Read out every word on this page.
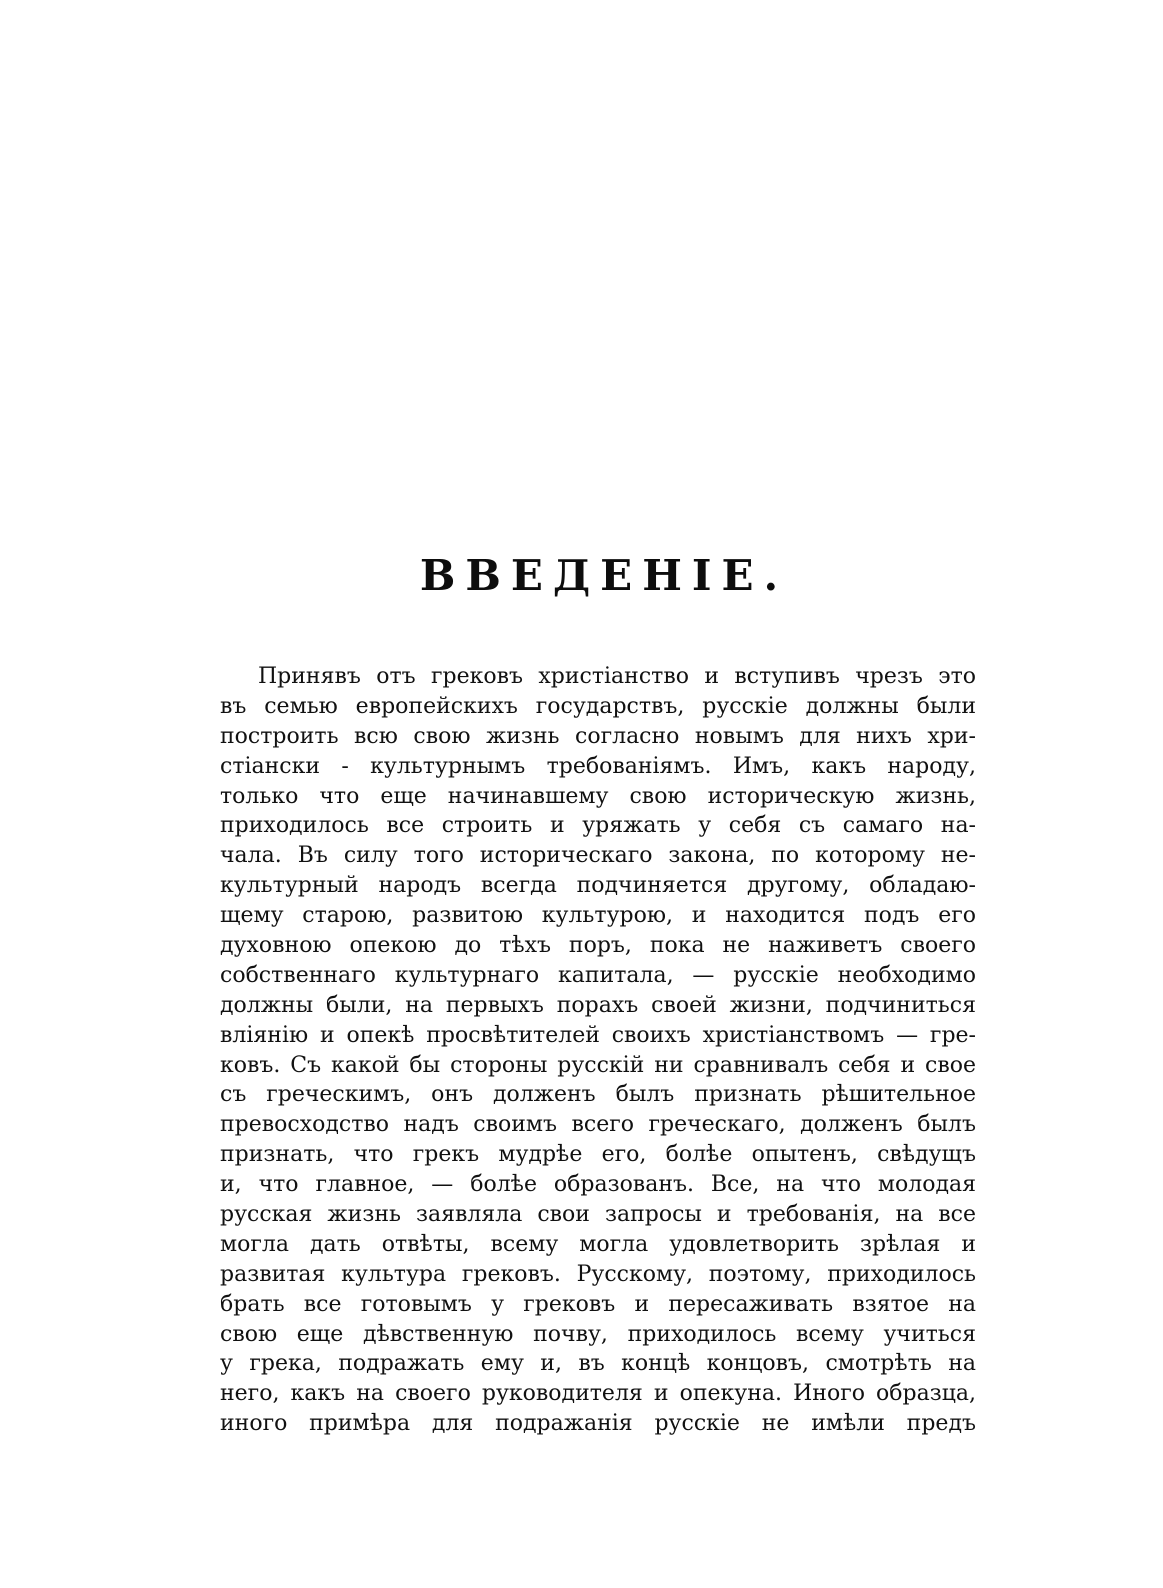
ВВЕДЕНІЕ.
Принявъ отъ грековъ христіанство и вступивъ чрезъ это
въ семью европейскихъ государствъ, русскіе должны были
построить всю свою жизнь согласно новымъ для нихъ хри-
стіански - культурнымъ требованіямъ. Имъ, какъ народу,
только что еще начинавшему свою историческую жизнь,
приходилось все строить и уряжать у себя съ самаго на-
чала. Въ силу того историческаго закона, по которому не-
культурный народъ всегда подчиняется другому, обладаю-
щему старою, развитою культурою, и находится подъ его
духовною опекою до тѣхъ поръ, пока не наживетъ своего
собственнаго культурнаго капитала, — русскіе необходимо
должны были, на первыхъ порахъ своей жизни, подчиниться
вліянію и опекѣ просвѣтителей своихъ христіанствомъ — гре-
ковъ. Съ какой бы стороны русскій ни сравнивалъ себя и свое
съ греческимъ, онъ долженъ былъ признать рѣшительное
превосходство надъ своимъ всего греческаго, долженъ былъ
признать, что грекъ мудрѣе его, болѣе опытенъ, свѣдущъ
и, что главное, — болѣе образованъ. Все, на что молодая
русская жизнь заявляла свои запросы и требованія, на все
могла дать отвѣты, всему могла удовлетворить зрѣлая и
развитая культура грековъ. Русскому, поэтому, приходилось
брать все готовымъ у грековъ и пересаживать взятое на
свою еще дѣвственную почву, приходилось всему учиться
у грека, подражать ему и, въ концѣ концовъ, смотрѣть на
него, какъ на своего руководителя и опекуна. Иного образца,
иного примѣра для подражанія русскіе не имѣли предъ
